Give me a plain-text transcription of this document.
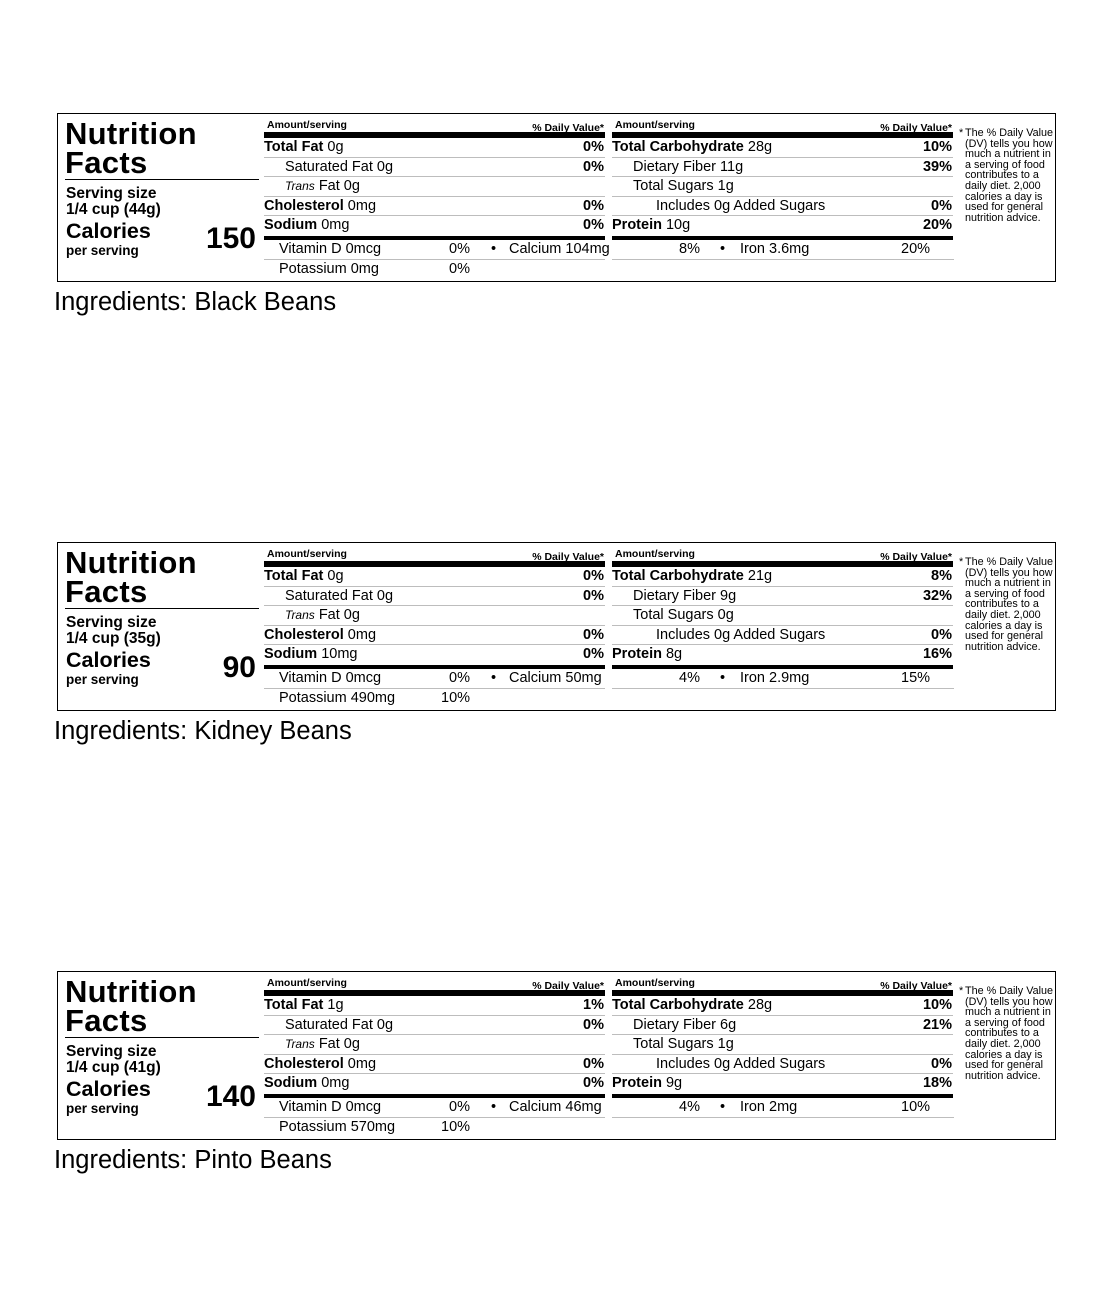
Nutrition Facts
Serving size
1/4 cup (44g)
Calories
per serving	150
Amount/serving	% Daily Value*
Total Fat 0g	0%
Saturated Fat 0g	0%
Trans Fat 0g
Cholesterol 0mg	0%
Sodium 0mg	0%
Amount/serving	% Daily Value*
Total Carbohydrate 28g	10%
Dietary Fiber 11g	39%
Total Sugars 1g
Includes 0g Added Sugars	0%
Protein 10g	20%
Vitamin D 0mcg	0% • Calcium 104mg	8% • Iron 3.6mg	20%
Potassium 0mg	0%
* The % Daily Value (DV) tells you how much a nutrient in a serving of food contributes to a daily diet. 2,000 calories a day is used for general nutrition advice.
Ingredients: Black Beans
Nutrition Facts
Serving size
1/4 cup (35g)
Calories
per serving	90
Amount/serving	% Daily Value*
Total Fat 0g	0%
Saturated Fat 0g	0%
Trans Fat 0g
Cholesterol 0mg	0%
Sodium 10mg	0%
Amount/serving	% Daily Value*
Total Carbohydrate 21g	8%
Dietary Fiber 9g	32%
Total Sugars 0g
Includes 0g Added Sugars	0%
Protein 8g	16%
Vitamin D 0mcg	0% • Calcium 50mg	4% • Iron 2.9mg	15%
Potassium 490mg	10%
* The % Daily Value (DV) tells you how much a nutrient in a serving of food contributes to a daily diet. 2,000 calories a day is used for general nutrition advice.
Ingredients: Kidney Beans
Nutrition Facts
Serving size
1/4 cup (41g)
Calories
per serving	140
Amount/serving	% Daily Value*
Total Fat 1g	1%
Saturated Fat 0g	0%
Trans Fat 0g
Cholesterol 0mg	0%
Sodium 0mg	0%
Amount/serving	% Daily Value*
Total Carbohydrate 28g	10%
Dietary Fiber 6g	21%
Total Sugars 1g
Includes 0g Added Sugars	0%
Protein 9g	18%
Vitamin D 0mcg	0% • Calcium 46mg	4% • Iron 2mg	10%
Potassium 570mg	10%
* The % Daily Value (DV) tells you how much a nutrient in a serving of food contributes to a daily diet. 2,000 calories a day is used for general nutrition advice.
Ingredients: Pinto Beans
